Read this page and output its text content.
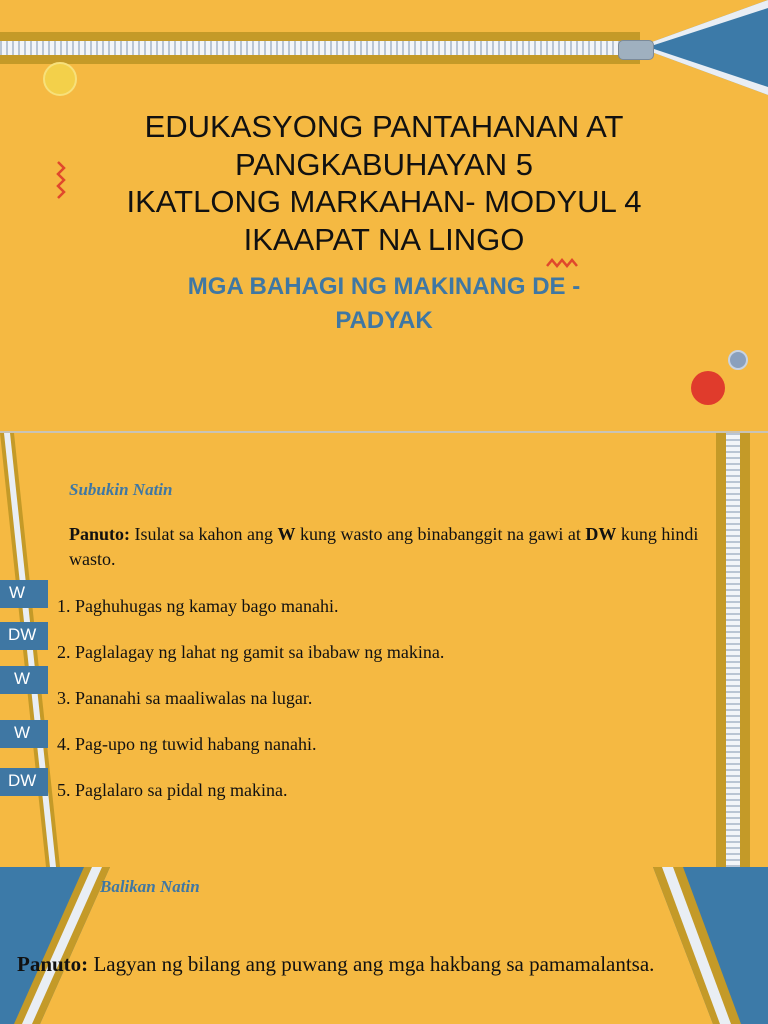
EDUKASYONG PANTAHANAN AT
PANGKABUHAYAN 5
IKATLONG MARKAHAN- MODYUL 4
IKAAPAT NA LINGO
MGA BAHAGI NG MAKINANG DE -
PADYAK
Subukin Natin
Panuto: Isulat sa kahon ang W kung wasto ang binabanggit na gawi at DW kung hindi wasto.
W
DW
W
W
DW
1. Paghuhugas ng kamay bago manahi.
2. Paglalagay ng lahat ng gamit sa ibabaw ng makina.
3. Pananahi sa maaliwalas na lugar.
4. Pag-upo ng tuwid habang nanahi.
5. Paglalaro sa pidal ng makina.
Balikan Natin
Panuto: Lagyan ng bilang ang puwang ang mga hakbang sa pamamalantsa.
